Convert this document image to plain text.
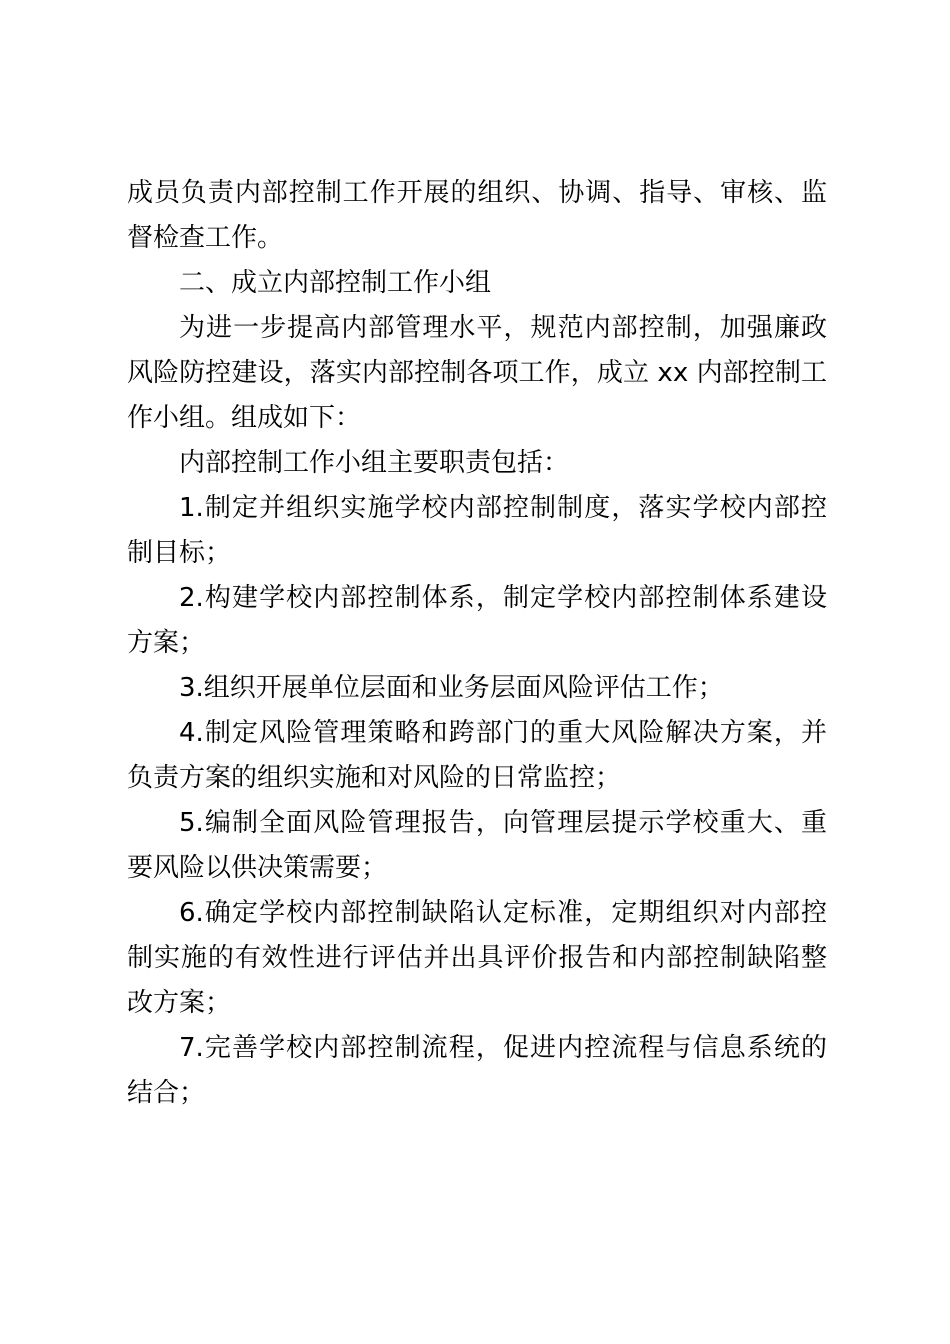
成员负责内部控制工作开展的组织、协调、指导、审核、监督检查工作。

二、成立内部控制工作小组

为进一步提高内部管理水平，规范内部控制，加强廉政风险防控建设，落实内部控制各项工作，成立 xx 内部控制工作小组。组成如下：

内部控制工作小组主要职责包括：

1.制定并组织实施学校内部控制制度，落实学校内部控制目标；

2.构建学校内部控制体系，制定学校内部控制体系建设方案；

3.组织开展单位层面和业务层面风险评估工作；

4.制定风险管理策略和跨部门的重大风险解决方案，并负责方案的组织实施和对风险的日常监控；

5.编制全面风险管理报告，向管理层提示学校重大、重要风险以供决策需要；

6.确定学校内部控制缺陷认定标准，定期组织对内部控制实施的有效性进行评估并出具评价报告和内部控制缺陷整改方案；

7.完善学校内部控制流程，促进内控流程与信息系统的结合；
